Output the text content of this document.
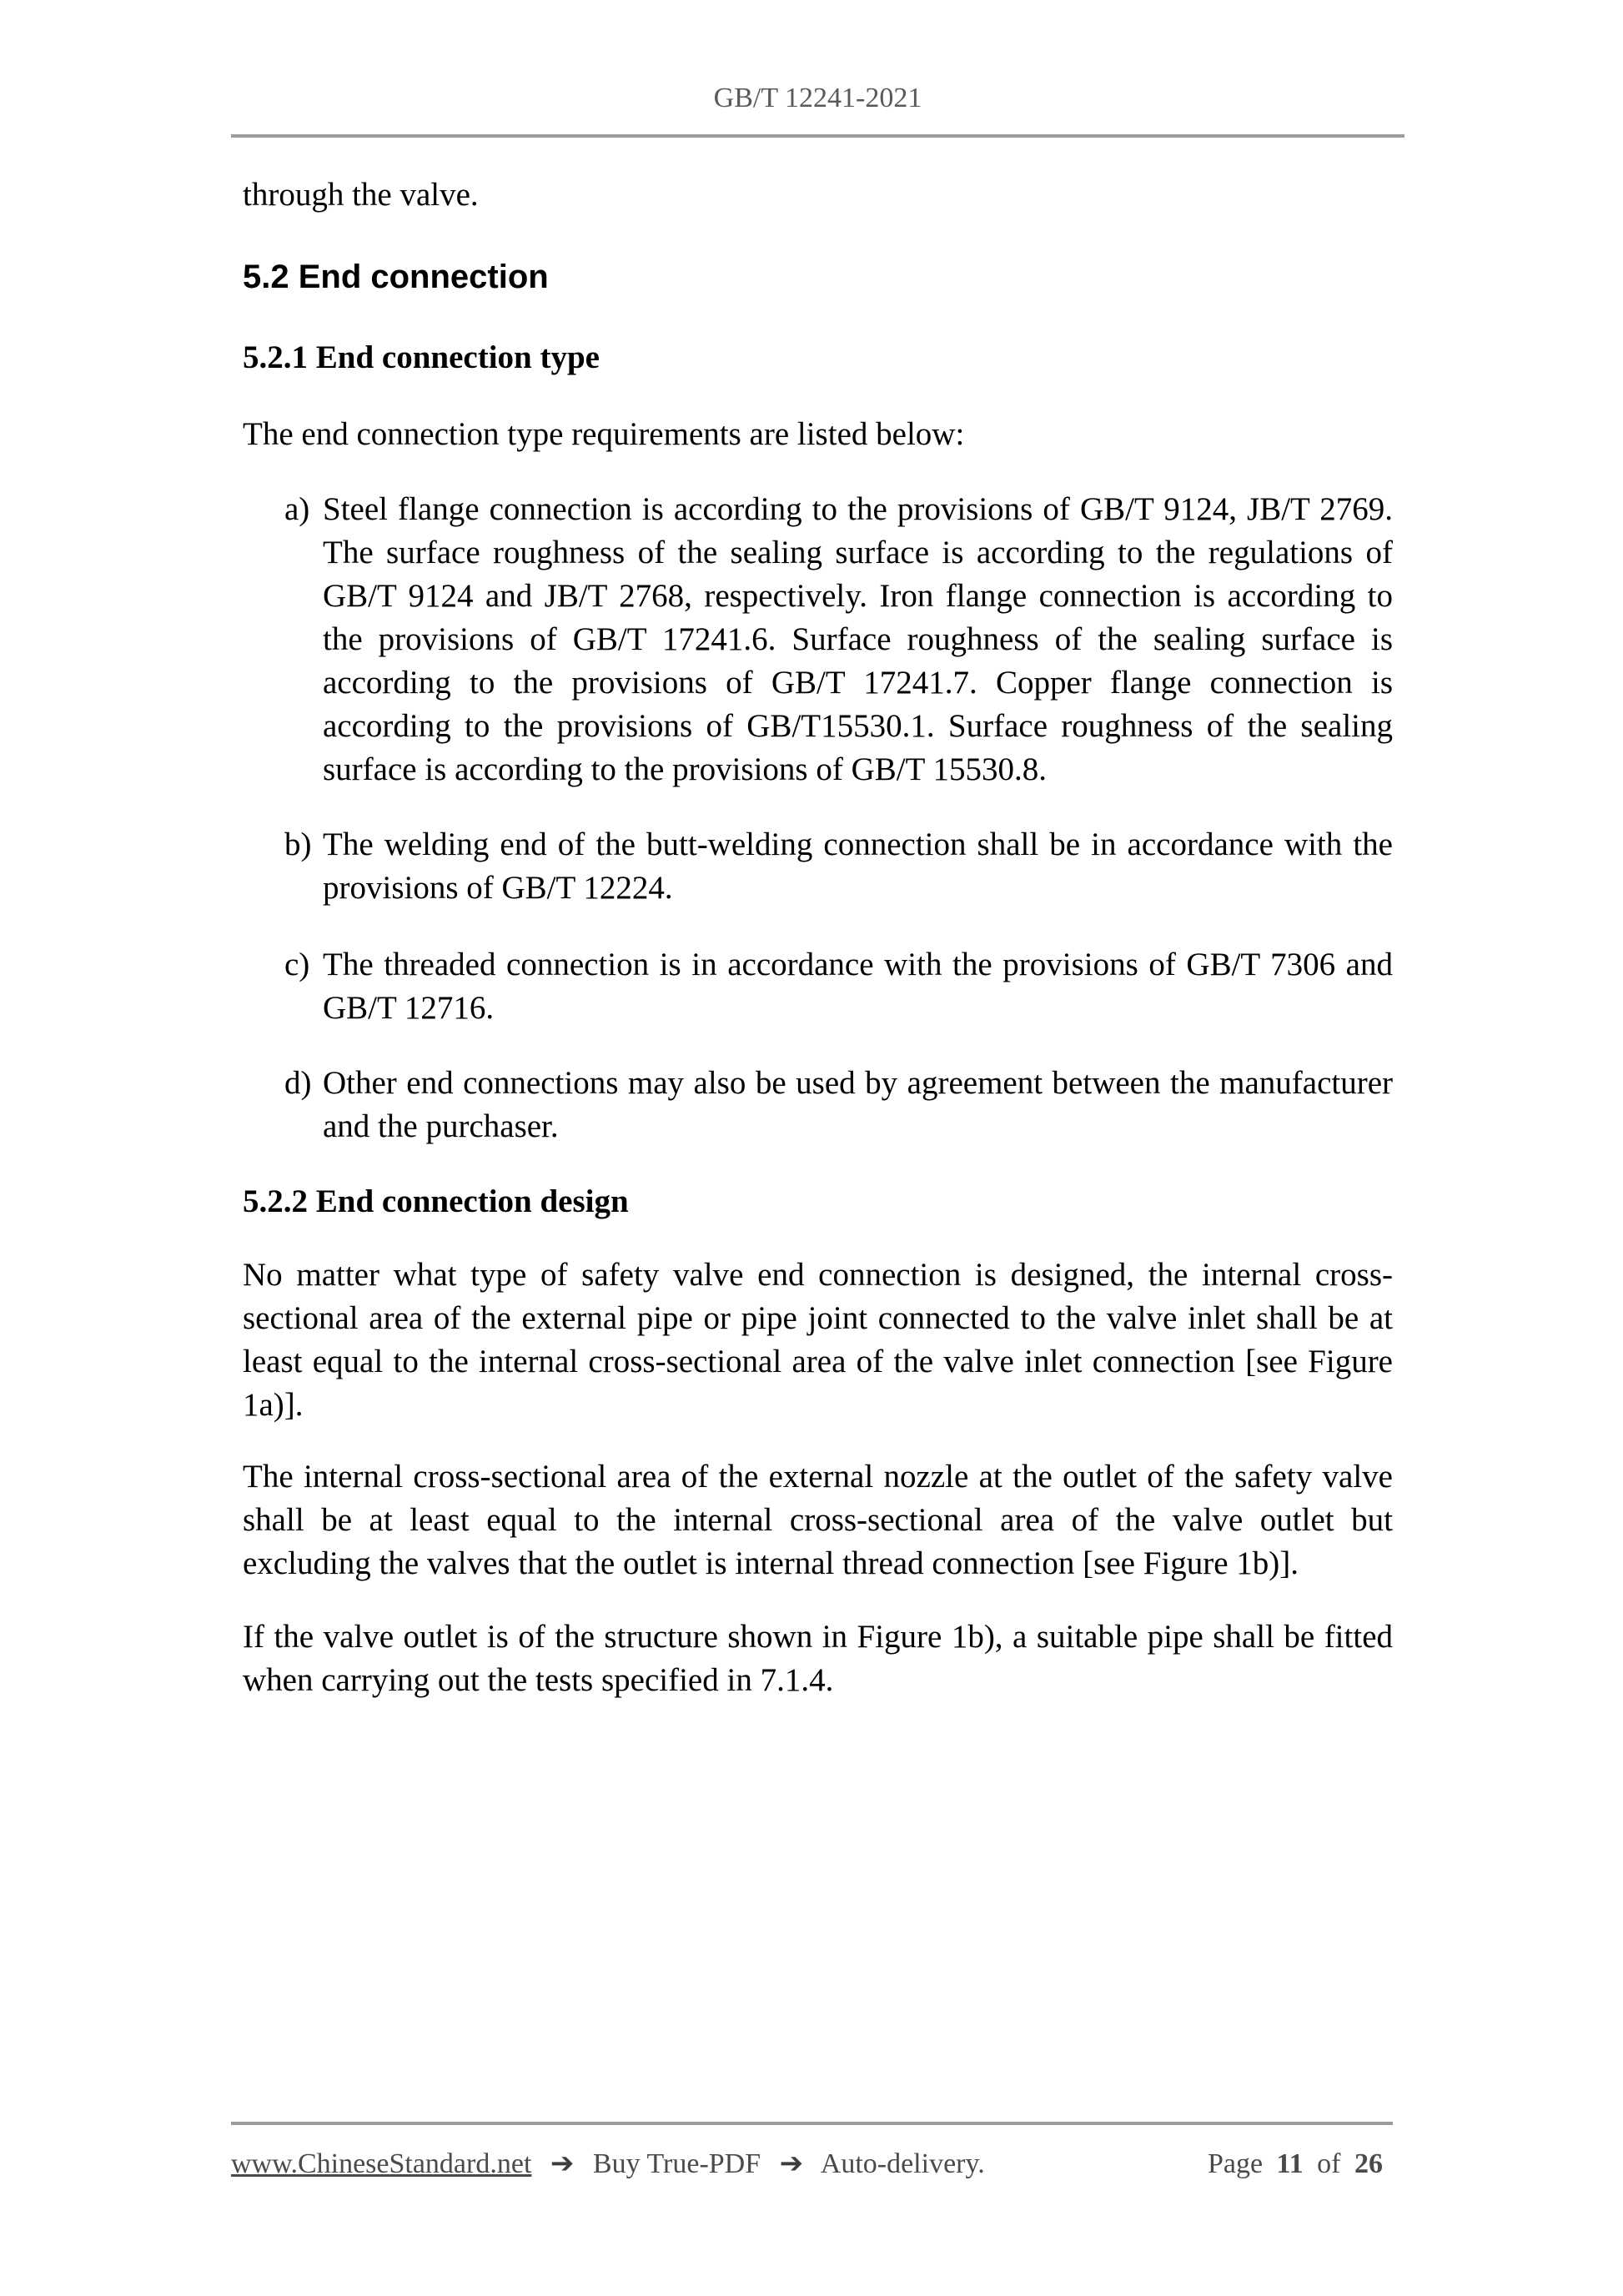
GB/T 12241-2021

through the valve.

5.2 End connection
5.2.1 End connection type

The end connection type requirements are listed below:

a) Steel flange connection is according to the provisions of GB/T 9124, JB/T 2769. The surface roughness of the sealing surface is according to the regulations of GB/T 9124 and JB/T 2768, respectively. Iron flange connection is according to the provisions of GB/T 17241.6. Surface roughness of the sealing surface is according to the provisions of GB/T 17241.7. Copper flange connection is according to the provisions of GB/T15530.1. Surface roughness of the sealing surface is according to the provisions of GB/T 15530.8.
b) The welding end of the butt-welding connection shall be in accordance with the provisions of GB/T 12224.
c) The threaded connection is in accordance with the provisions of GB/T 7306 and GB/T 12716.
d) Other end connections may also be used by agreement between the manufacturer and the purchaser.
5.2.2 End connection design

No matter what type of safety valve end connection is designed, the internal cross-sectional area of the external pipe or pipe joint connected to the valve inlet shall be at least equal to the internal cross-sectional area of the valve inlet connection [see Figure 1a)].

The internal cross-sectional area of the external nozzle at the outlet of the safety valve shall be at least equal to the internal cross-sectional area of the valve outlet but excluding the valves that the outlet is internal thread connection [see Figure 1b)].

If the valve outlet is of the structure shown in Figure 1b), a suitable pipe shall be fitted when carrying out the tests specified in 7.1.4.

www.ChineseStandard.net ➔ Buy True-PDF ➔ Auto-delivery.	Page 11 of 26
